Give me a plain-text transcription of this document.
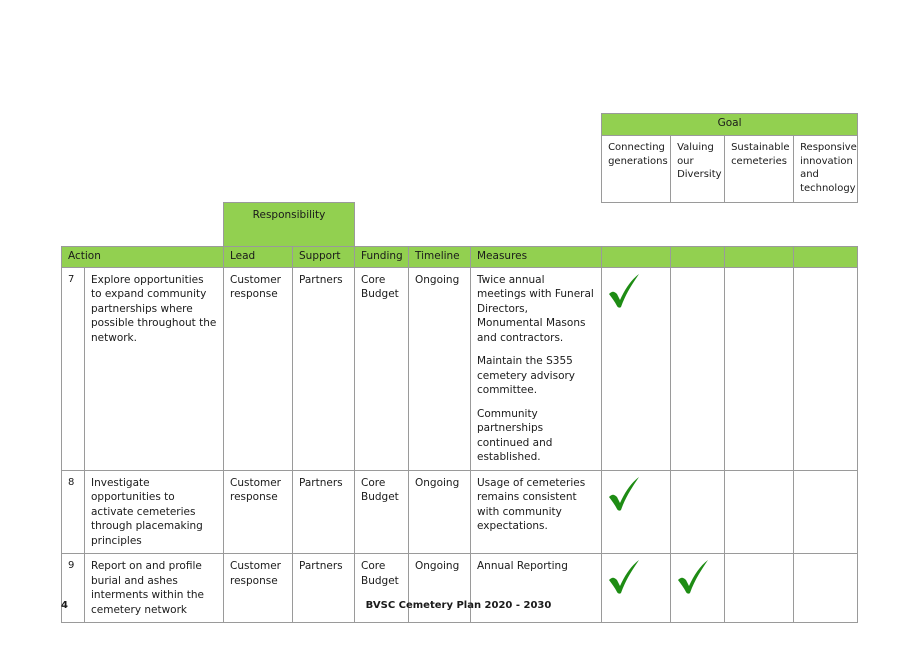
							Goal			
							Connecting generations	Valuing our Diversity	Sustainable cemeteries	Responsive innovation and technology
		Responsibility								
Action		Lead	Support	Funding	Timeline	Measures				
7	Explore opportunities to expand community partnerships where possible throughout the network.	Customer response	Partners	Core Budget	Ongoing	Twice annual meetings with Funeral Directors, Monumental Masons and contractors.

Maintain the S355 cemetery advisory committee.

Community partnerships continued and established.

8	Investigate opportunities to activate cemeteries through placemaking principles	Customer response	Partners	Core Budget	Ongoing	Usage of cemeteries remains consistent with community expectations.

9	Report on and profile burial and ashes interments within the cemetery network	Customer response	Partners	Core Budget	Ongoing	Annual Reporting

4	BVSC Cemetery Plan 2020 - 2030
